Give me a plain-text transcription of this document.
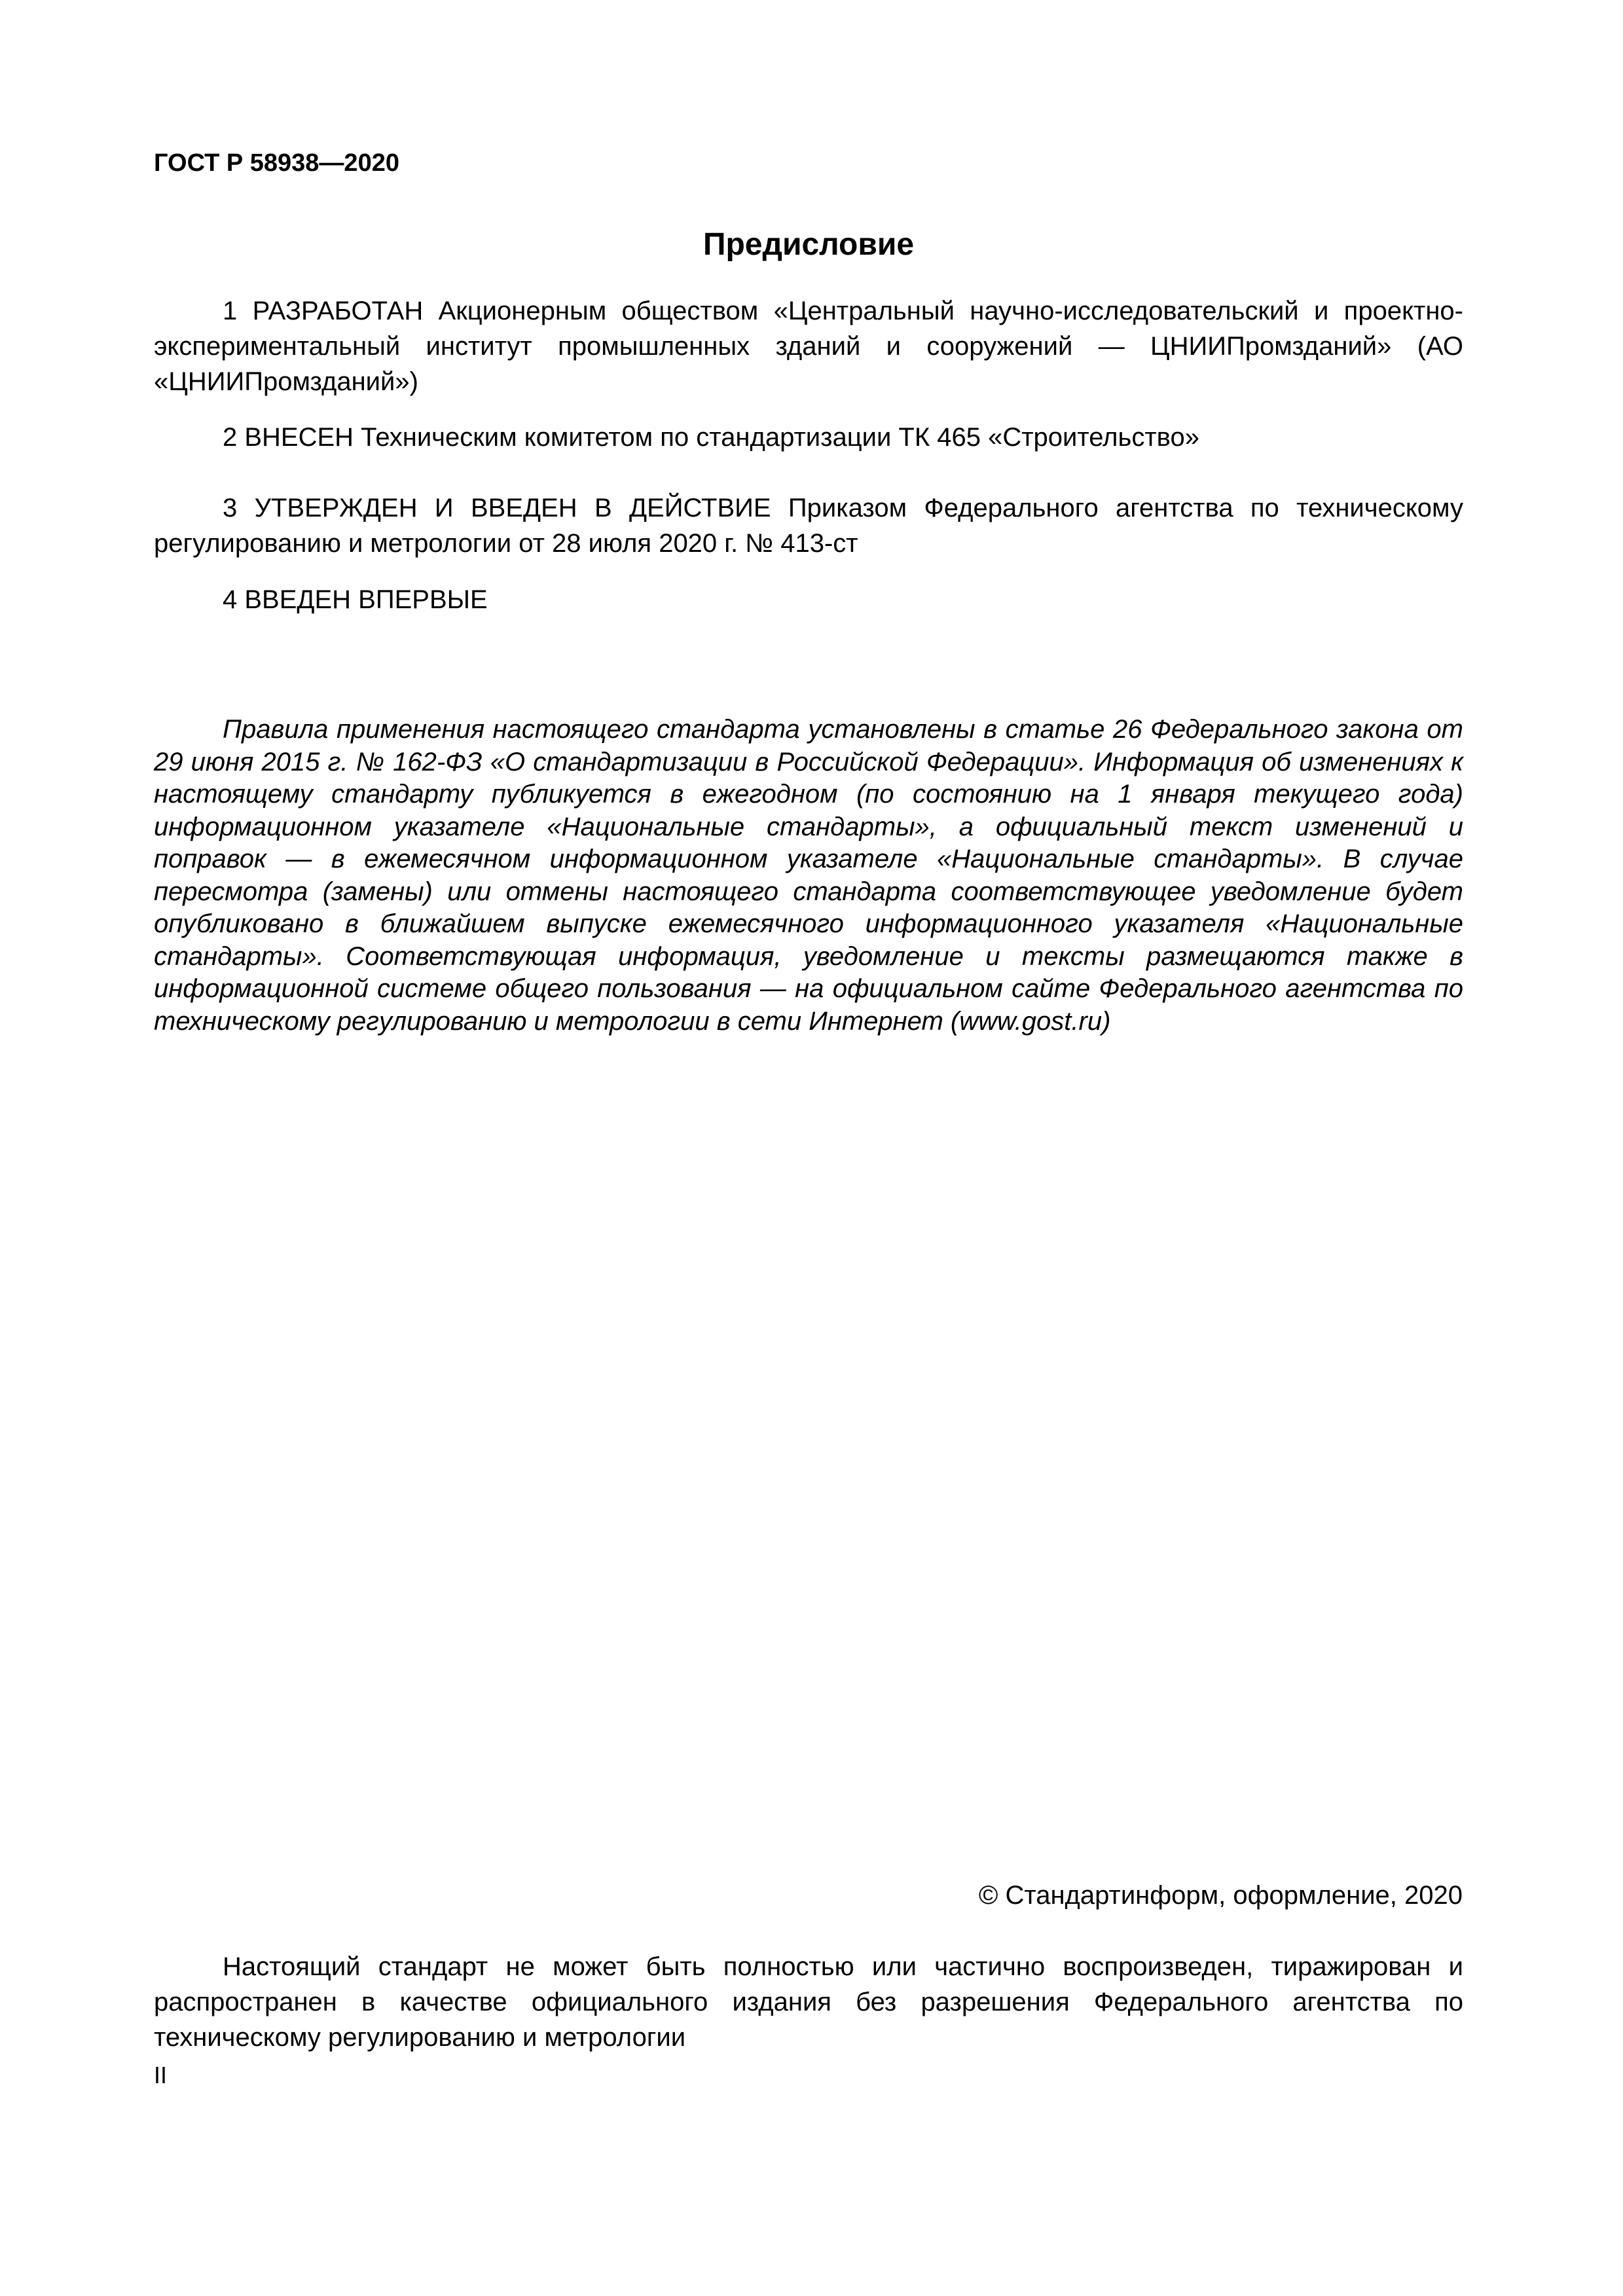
ГОСТ Р 58938—2020
Предисловие

1 РАЗРАБОТАН Акционерным обществом «Центральный научно-исследовательский и проектно-экспериментальный институт промышленных зданий и сооружений — ЦНИИПромзданий» (АО «ЦНИИПромзданий»)

2 ВНЕСЕН Техническим комитетом по стандартизации ТК 465 «Строительство»

3 УТВЕРЖДЕН И ВВЕДЕН В ДЕЙСТВИЕ Приказом Федерального агентства по техническому регулированию и метрологии от 28 июля 2020 г. № 413-ст

4 ВВЕДЕН ВПЕРВЫЕ

Правила применения настоящего стандарта установлены в статье 26 Федерального закона от 29 июня 2015 г. № 162-ФЗ «О стандартизации в Российской Федерации». Информация об изменениях к настоящему стандарту публикуется в ежегодном (по состоянию на 1 января текущего года) информационном указателе «Национальные стандарты», а официальный текст изменений и поправок — в ежемесячном информационном указателе «Национальные стандарты». В случае пересмотра (замены) или отмены настоящего стандарта соответствующее уведомление будет опубликовано в ближайшем выпуске ежемесячного информационного указателя «Национальные стандарты». Соответствующая информация, уведомление и тексты размещаются также в информационной системе общего пользования — на официальном сайте Федерального агентства по техническому регулированию и метрологии в сети Интернет (www.gost.ru)

© Стандартинформ, оформление, 2020

Настоящий стандарт не может быть полностью или частично воспроизведен, тиражирован и распространен в качестве официального издания без разрешения Федерального агентства по техническому регулированию и метрологии

II
